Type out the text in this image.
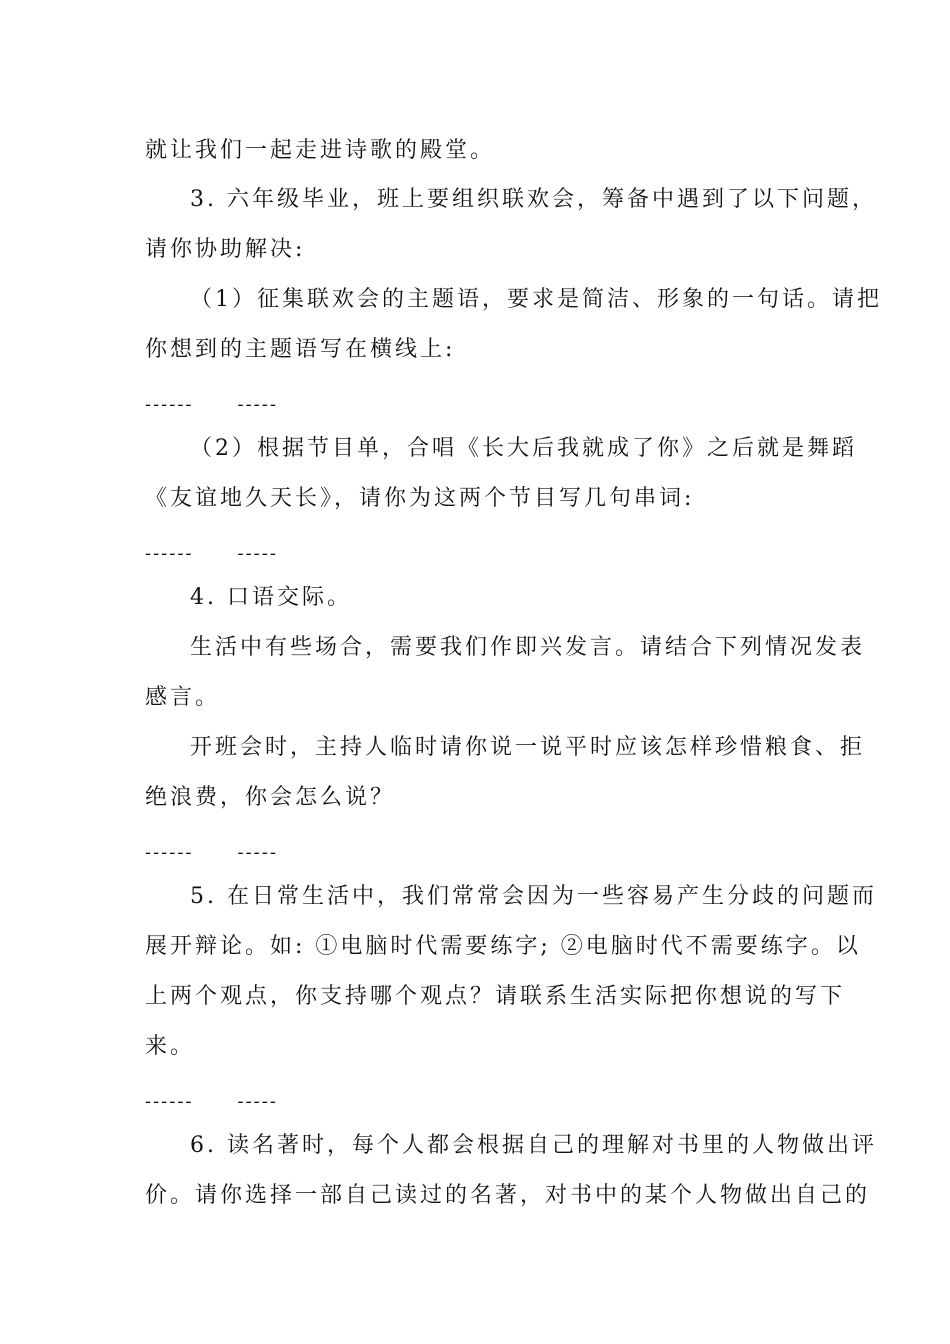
就让我们一起走进诗歌的殿堂。
3. 六年级毕业，班上要组织联欢会，筹备中遇到了以下问题，
请你协助解决:
（1）征集联欢会的主题语，要求是简洁、形象的一句话。请把
你想到的主题语写在横线上:
------ -----
（2）根据节目单，合唱《长大后我就成了你》之后就是舞蹈
《友谊地久天长》，请你为这两个节目写几句串词:
------ -----
4. 口语交际。
生活中有些场合，需要我们作即兴发言。请结合下列情况发表
感言。
开班会时，主持人临时请你说一说平时应该怎样珍惜粮食、拒
绝浪费，你会怎么说？
------ -----
5. 在日常生活中，我们常常会因为一些容易产生分歧的问题而
展开辩论。如: ①电脑时代需要练字; ②电脑时代不需要练字。以
上两个观点，你支持哪个观点？请联系生活实际把你想说的写下
来。
------ -----
6. 读名著时，每个人都会根据自己的理解对书里的人物做出评
价。请你选择一部自己读过的名著，对书中的某个人物做出自己的
